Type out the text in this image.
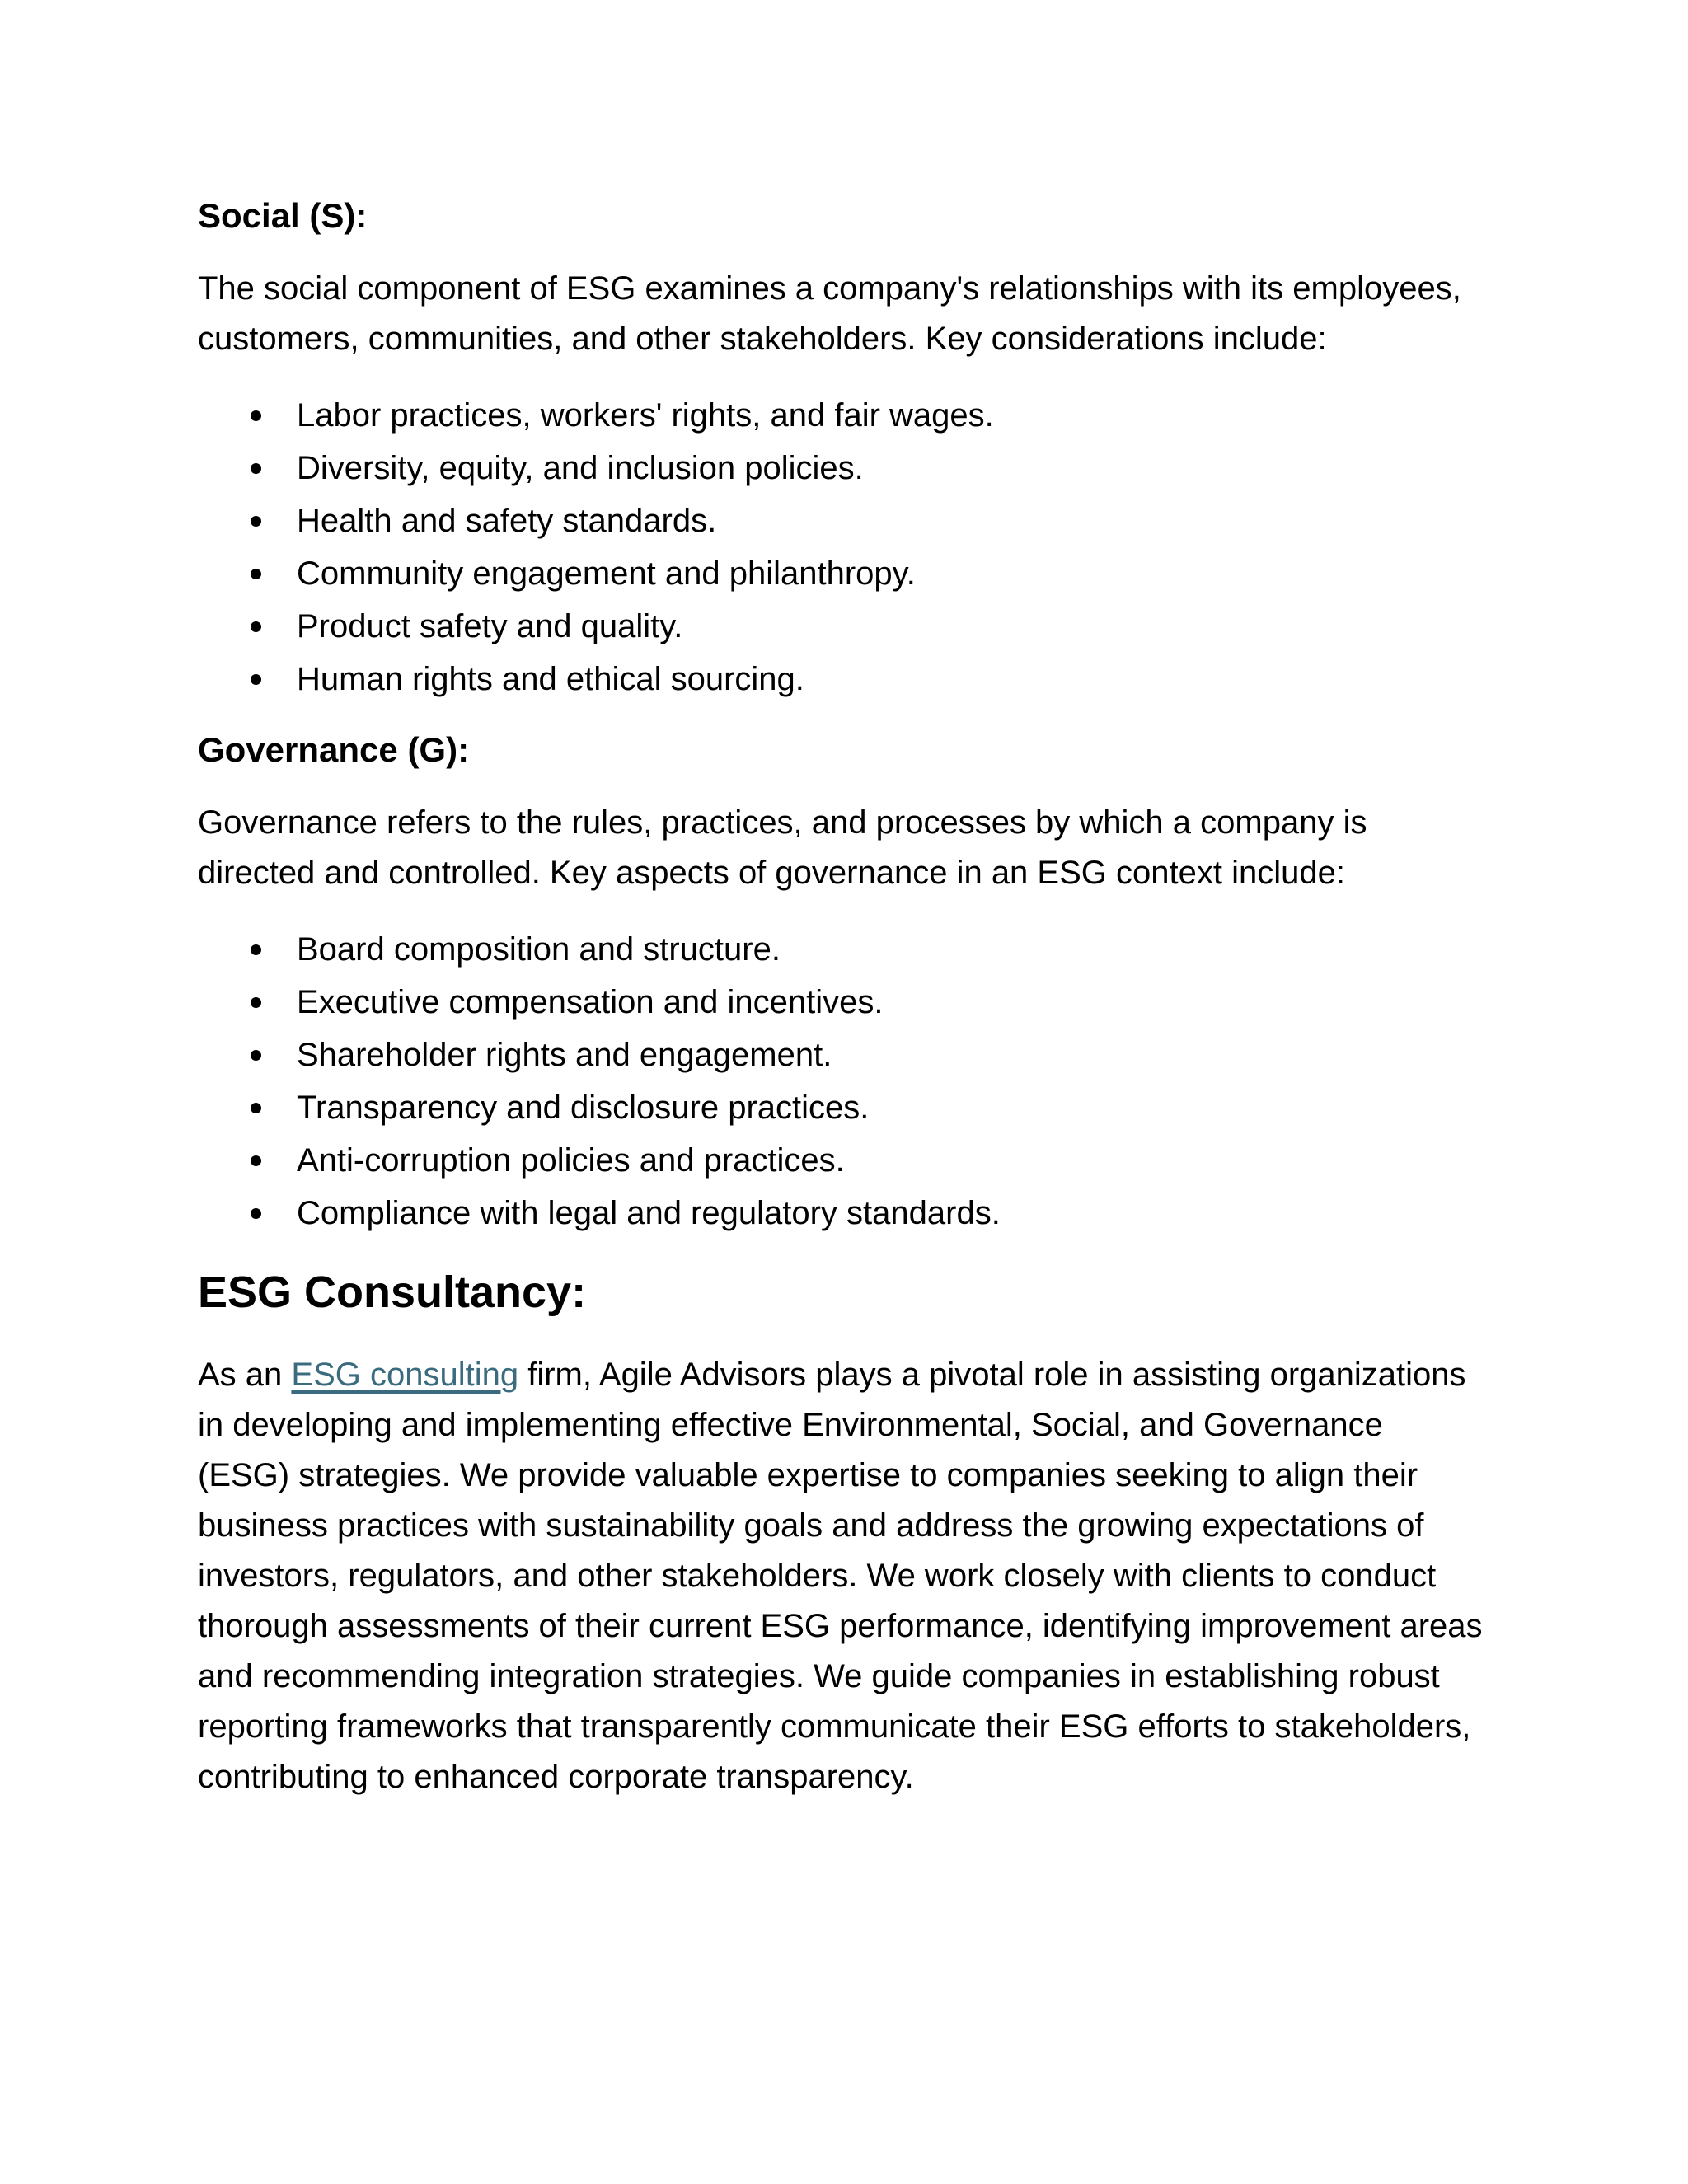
Social (S):

The social component of ESG examines a company's relationships with its employees, customers, communities, and other stakeholders. Key considerations include:

Labor practices, workers' rights, and fair wages.
Diversity, equity, and inclusion policies.
Health and safety standards.
Community engagement and philanthropy.
Product safety and quality.
Human rights and ethical sourcing.
Governance (G):

Governance refers to the rules, practices, and processes by which a company is directed and controlled. Key aspects of governance in an ESG context include:

Board composition and structure.
Executive compensation and incentives.
Shareholder rights and engagement.
Transparency and disclosure practices.
Anti-corruption policies and practices.
Compliance with legal and regulatory standards.
ESG Consultancy:

As an ESG consulting firm, Agile Advisors plays a pivotal role in assisting organizations in developing and implementing effective Environmental, Social, and Governance (ESG) strategies. We provide valuable expertise to companies seeking to align their business practices with sustainability goals and address the growing expectations of investors, regulators, and other stakeholders. We work closely with clients to conduct thorough assessments of their current ESG performance, identifying improvement areas and recommending integration strategies. We guide companies in establishing robust reporting frameworks that transparently communicate their ESG efforts to stakeholders, contributing to enhanced corporate transparency.
